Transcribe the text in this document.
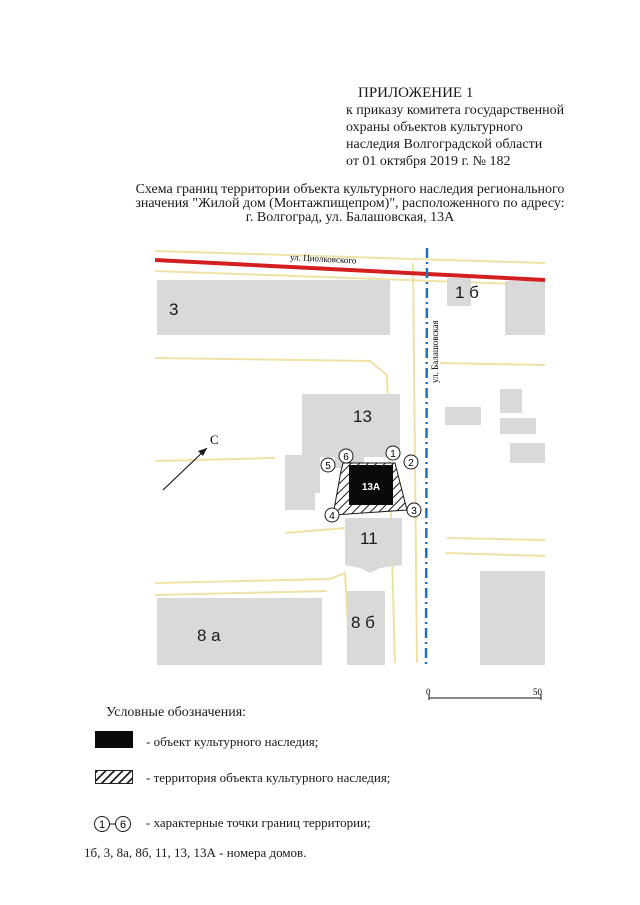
ПРИЛОЖЕНИЕ 1
к приказу комитета государственной
охраны объектов культурного
наследия Волгоградской области
от 01 октября 2019 г. № 182
Схема границ территории объекта культурного наследия регионального
значения "Жилой дом (Монтажпищепром)", расположенного по адресу:
г. Волгоград, ул. Балашовская, 13А
13А
ул. Циолковского
ул. Балашовская
3
1 б
13
11
8 а
8 б
1
2
3
4
5
6
С
0	50
Условные обозначения:
- объект культурного наследия;
- территория объекта культурного наследия;
1 6 - характерные точки границ территории;
1б, 3, 8а, 8б, 11, 13, 13А - номера домов.
